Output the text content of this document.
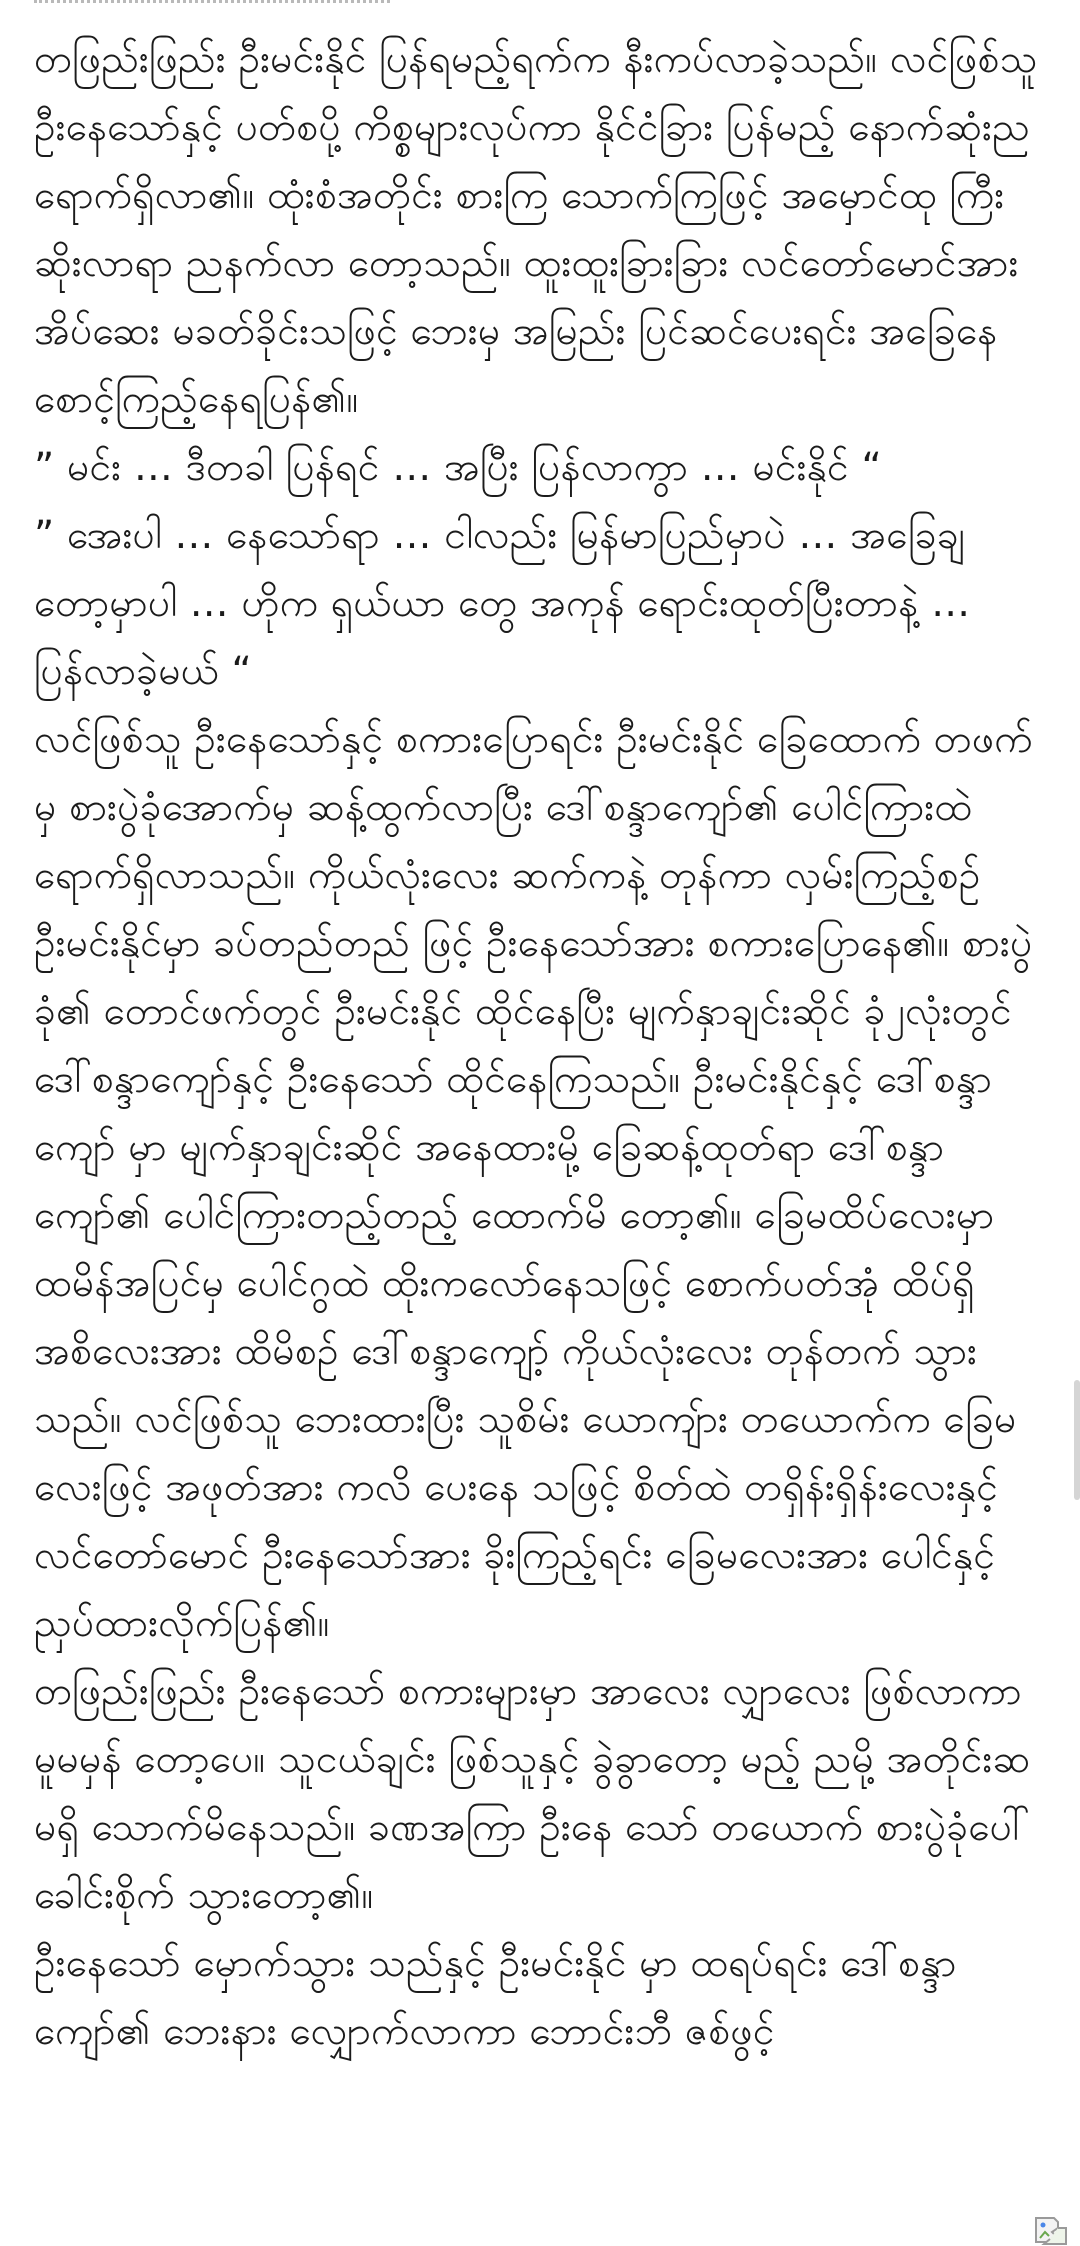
တဖြည်းဖြည်း ဦးမင်းနိုင် ပြန်ရမည့်ရက်က နီးကပ်လာခဲ့သည်။ လင်ဖြစ်သူ ဦးနေသော်နှင့် ပတ်စပို့ ကိစ္စများလုပ်ကာ နိုင်ငံခြား ပြန်မည့် နောက်ဆုံးည ရောက်ရှိလာ၏။ ထုံးစံအတိုင်း စားကြ သောက်ကြဖြင့် အမှောင်ထု ကြီးဆိုးလာရာ ညနက်လာ တော့သည်။ ထူးထူးခြားခြား လင်တော်မောင်အား အိပ်ဆေး မခတ်ခိုင်းသဖြင့် ဘေးမှ အမြည်း ပြင်ဆင်ပေးရင်း အခြေနေ စောင့်ကြည့်နေရပြန်၏။

” မင်း … ဒီတခါ ပြန်ရင် … အပြီး ပြန်လာကွာ … မင်းနိုင် “

” အေးပါ … နေသော်ရာ … ငါလည်း မြန်မာပြည်မှာပဲ … အခြေချ တော့မှာပါ … ဟိုက ရှယ်ယာ တွေ အကုန် ရောင်းထုတ်ပြီးတာနဲ့ … ပြန်လာခဲ့မယ် “

လင်ဖြစ်သူ ဦးနေသော်နှင့် စကားပြောရင်း ဦးမင်းနိုင် ခြေထောက် တဖက်မှ စားပွဲခုံအောက်မှ ဆန့်ထွက်လာပြီး ဒေါ်စန္ဒာကျော်၏ ပေါင်ကြားထဲ ရောက်ရှိလာသည်။ ကိုယ်လုံးလေး ဆက်ကနဲ့ တုန်ကာ လှမ်းကြည့်စဉ် ဦးမင်းနိုင်မှာ ခပ်တည်တည် ဖြင့် ဦးနေသော်အား စကားပြောနေ၏။ စားပွဲခုံ၏ တောင်ဖက်တွင် ဦးမင်းနိုင် ထိုင်နေပြီး မျက်နှာချင်းဆိုင် ခုံ၂လုံးတွင် ဒေါ်စန္ဒာကျော်နှင့် ဦးနေသော် ထိုင်နေကြသည်။ ဦးမင်းနိုင်နှင့် ဒေါ်စန္ဒာကျော် မှာ မျက်နှာချင်းဆိုင် အနေထားမို့ ခြေဆန့်ထုတ်ရာ ဒေါ်စန္ဒာကျော်၏ ပေါင်ကြားတည့်တည့် ထောက်မိ တော့၏။ ခြေမထိပ်လေးမှာ ထမိန်အပြင်မှ ပေါင်ဂွထဲ ထိုးကလော်နေသဖြင့် စောက်ပတ်အုံ ထိပ်ရှိ အစိလေးအား ထိမိစဉ် ဒေါ်စန္ဒာကျော့် ကိုယ်လုံးလေး တုန်တက် သွားသည်။ လင်ဖြစ်သူ ဘေးထားပြီး သူစိမ်း ယောကျ်ား တယောက်က ခြေမလေးဖြင့် အဖုတ်အား ကလိ ပေးနေ သဖြင့် စိတ်ထဲ တရှိန်းရှိန်းလေးနှင့် လင်တော်မောင် ဦးနေသော်အား ခိုးကြည့်ရင်း ခြေမလေးအား ပေါင်နှင့် ညှပ်ထားလိုက်ပြန်၏။

တဖြည်းဖြည်း ဦးနေသော် စကားများမှာ အာလေး လျှာလေး ဖြစ်လာကာ မူမမှန် တော့ပေ။ သူငယ်ချင်း ဖြစ်သူနှင့် ခွဲခွာတော့ မည့် ညမို့ အတိုင်းဆ မရှိ သောက်မိနေသည်။ ခဏအကြာ ဦးနေ သော် တယောက် စားပွဲခုံပေါ် ခေါင်းစိုက် သွားတော့၏။

ဦးနေသော် မှောက်သွား သည်နှင့် ဦးမင်းနိုင် မှာ ထရပ်ရင်း ဒေါ်စန္ဒာကျော်၏ ဘေးနား လျှောက်လာကာ ဘောင်းဘီ ဇစ်ဖွင့်
